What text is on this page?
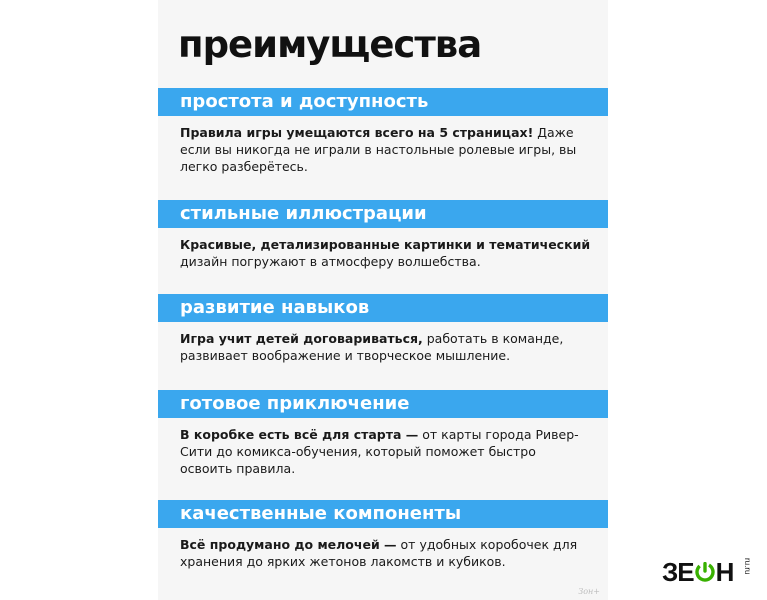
преимущества
простота и доступность

Правила игры умещаются всего на 5 страницах! Даже если вы никогда не играли в настольные ролевые игры, вы легко разберётесь.

стильные иллюстрации

Красивые, детализированные картинки и тематический дизайн погружают в атмосферу волшебства.

развитие навыков

Игра учит детей договариваться, работать в команде, развивает воображение и творческое мышление.

готовое приключение

В коробке есть всё для старта — от карты города Ривер-Сити до комикса-обучения, который поможет быстро освоить правила.

качественные компоненты

Всё продумано до мелочей — от удобных коробочек для хранения до ярких жетонов лакомств и кубиков.

Зон+
ЗЕ Н ru.ru
